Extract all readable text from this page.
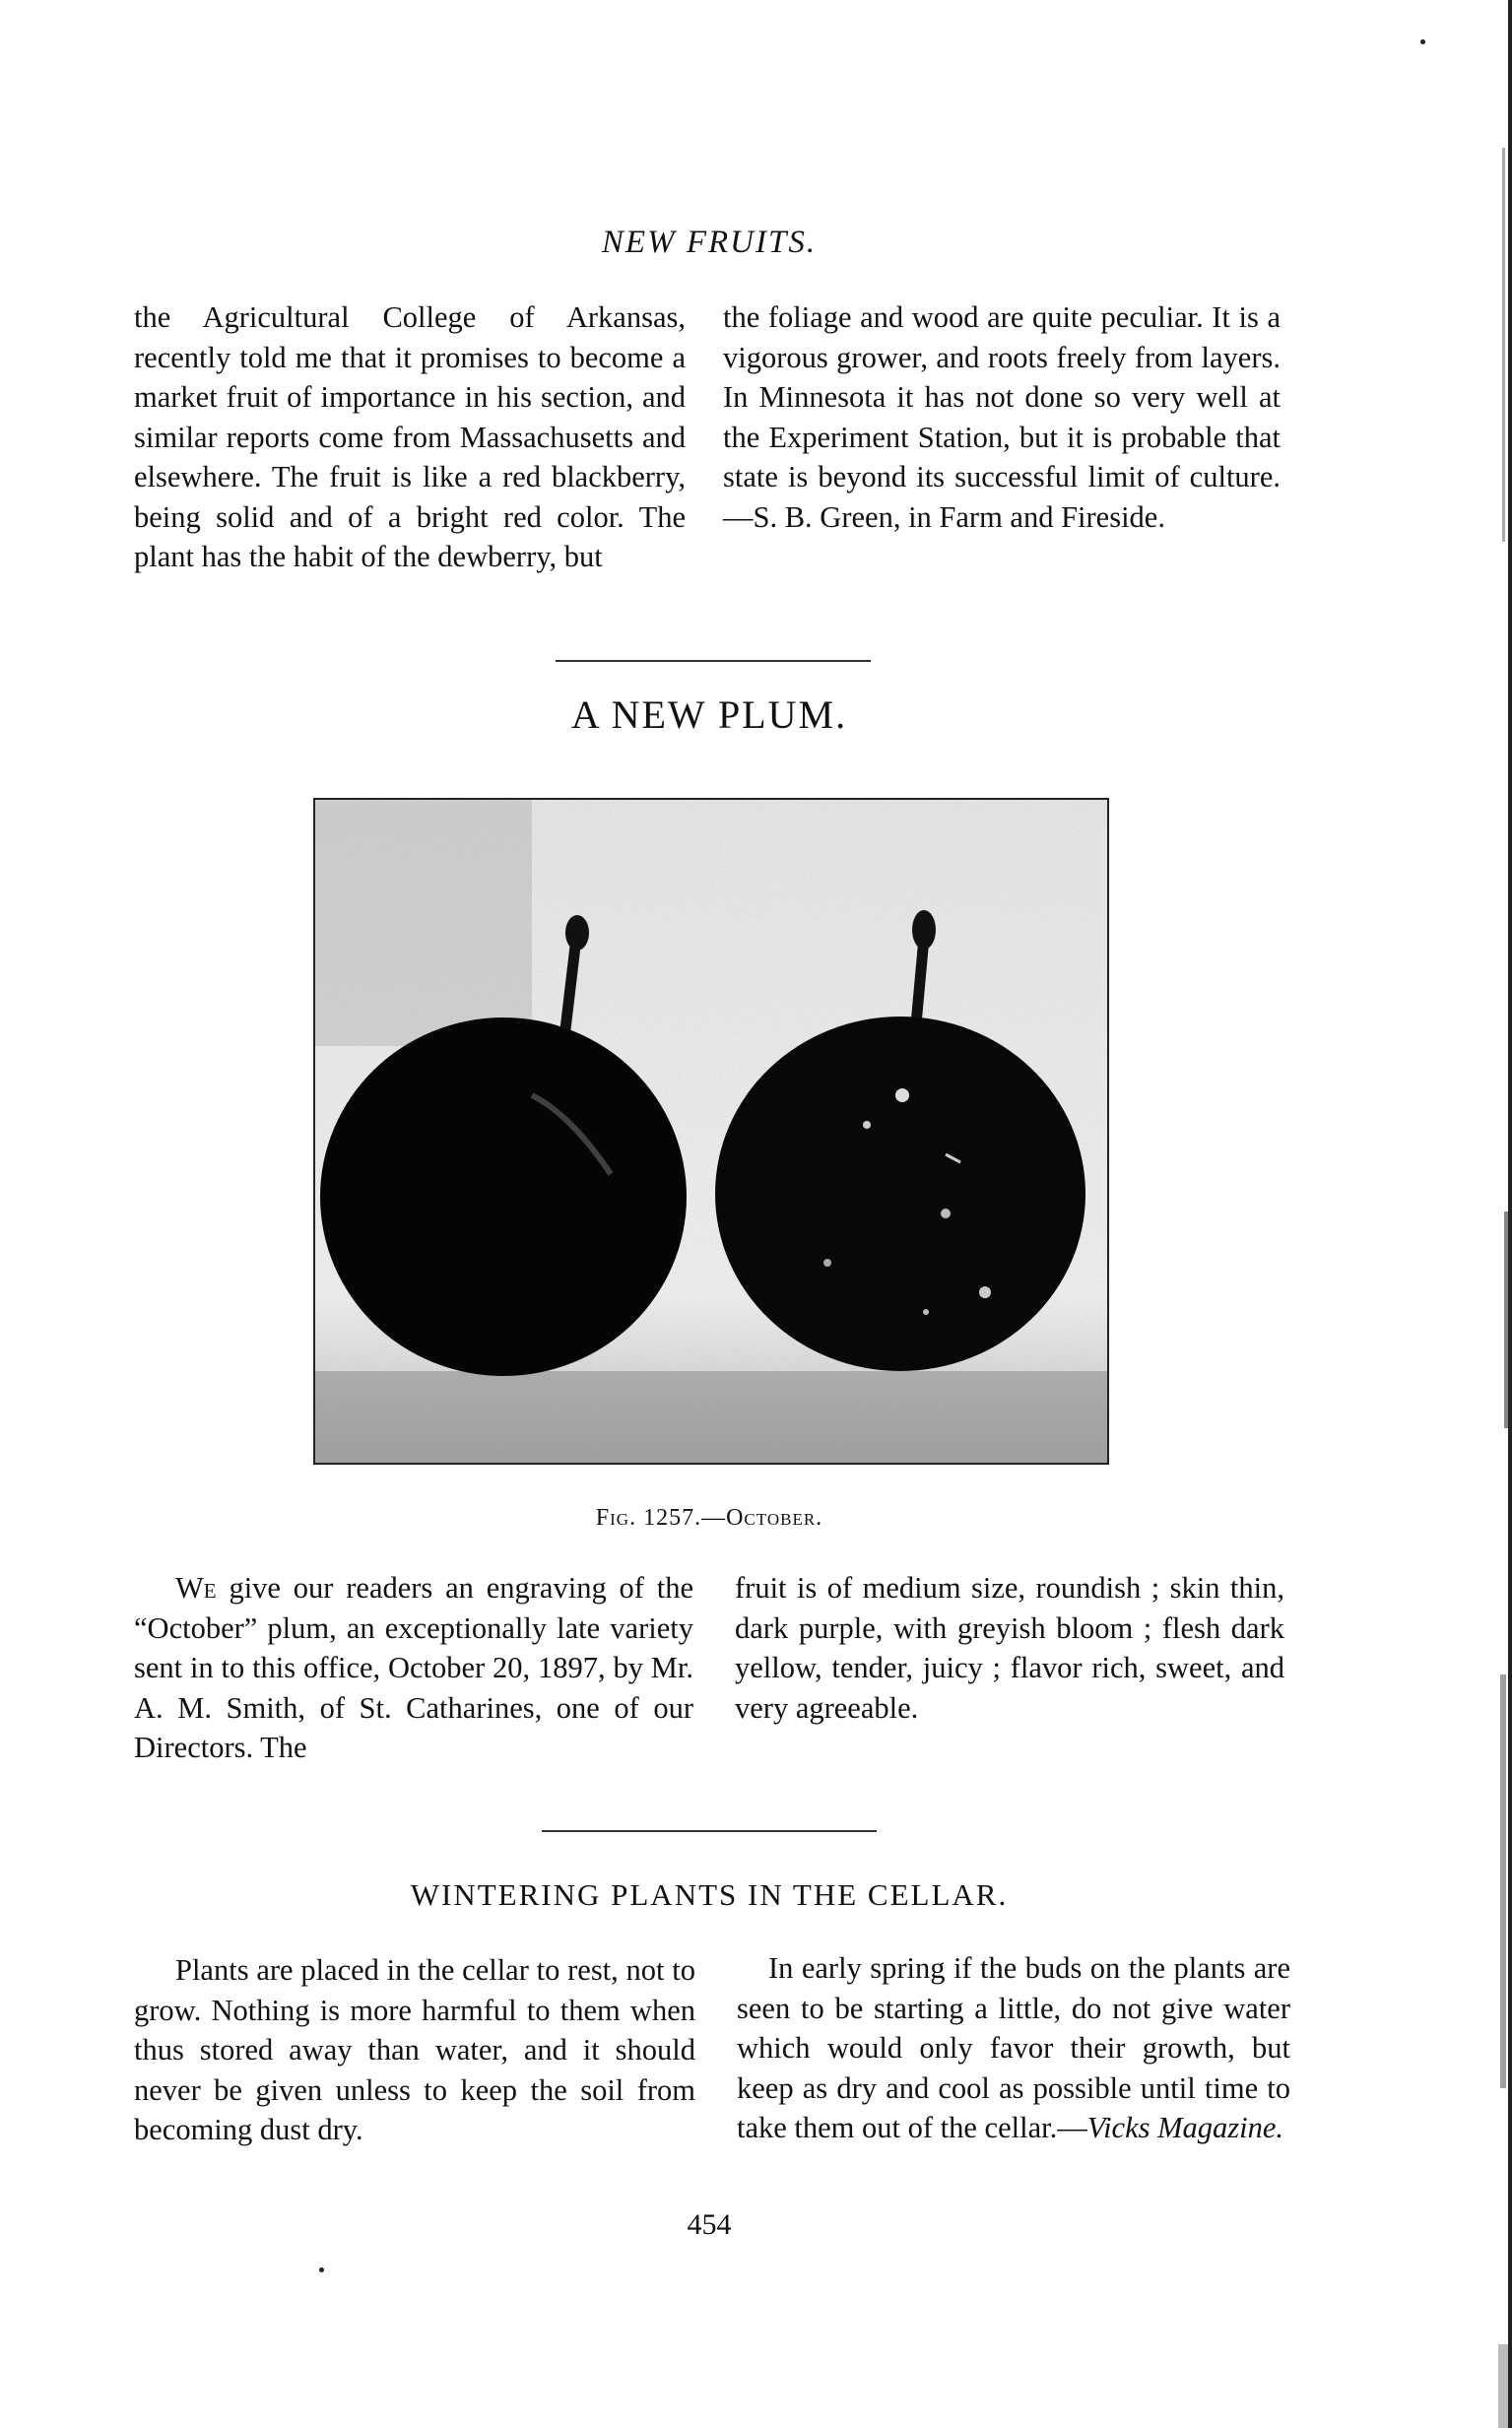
NEW FRUITS.

the Agricultural College of Arkansas, recently told me that it promises to become a market fruit of importance in his section, and similar reports come from Massachusetts and elsewhere. The fruit is like a red blackberry, being solid and of a bright red color. The plant has the habit of the dewberry, but

the foliage and wood are quite peculiar. It is a vigorous grower, and roots freely from layers. In Minnesota it has not done so very well at the Experiment Station, but it is probable that state is beyond its successful limit of culture.—S. B. Green, in Farm and Fireside.

A NEW PLUM.
Fig. 1257.—October.

We give our readers an engraving of the “October” plum, an exceptionally late variety sent in to this office, October 20, 1897, by Mr. A. M. Smith, of St. Catharines, one of our Directors. The

fruit is of medium size, roundish ; skin thin, dark purple, with greyish bloom ; flesh dark yellow, tender, juicy ; flavor rich, sweet, and very agreeable.

WINTERING PLANTS IN THE CELLAR.

Plants are placed in the cellar to rest, not to grow. Nothing is more harmful to them when thus stored away than water, and it should never be given unless to keep the soil from becoming dust dry.

In early spring if the buds on the plants are seen to be starting a little, do not give water which would only favor their growth, but keep as dry and cool as possible until time to take them out of the cellar.—Vicks Magazine.

454
